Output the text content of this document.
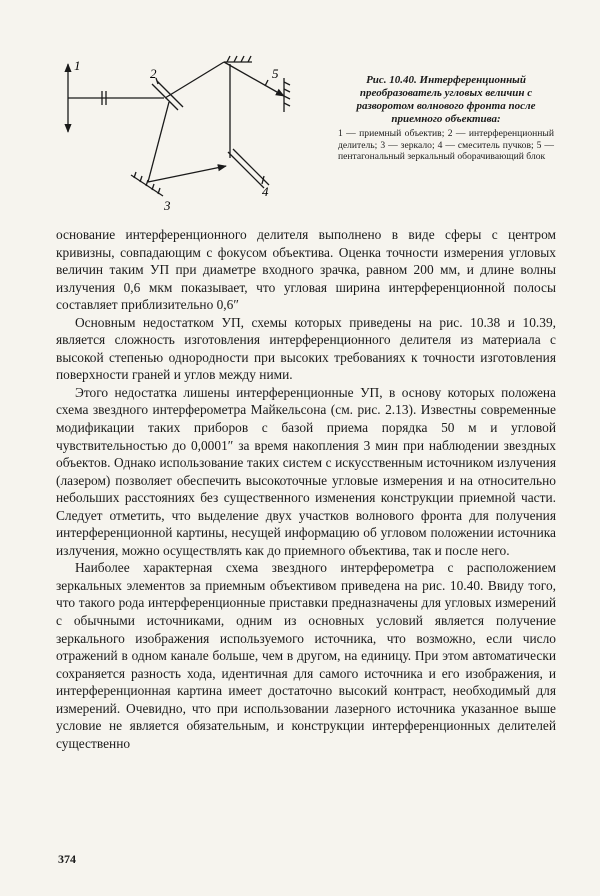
1
2
3
4
5	Рис. 10.40. Интерференционный преобразователь угловых величин с разворотом волнового фронта после приемного объектива:
1 — приемный объектив; 2 — интерференционный делитель; 3 — зеркало; 4 — смеситель пучков; 5 — пентагональный зеркальный оборачивающий блок

основание интерференционного делителя выполнено в виде сферы с центром кривизны, совпадающим с фокусом объектива. Оценка точности измерения угловых величин таким УП при диаметре входного зрачка, равном 200 мм, и длине волны излучения 0,6 мкм показывает, что угловая ширина интерференционной полосы составляет приблизительно 0,6″

Основным недостатком УП, схемы которых приведены на рис. 10.38 и 10.39, является сложность изготовления интерференционного делителя из материала с высокой степенью однородности при высоких требованиях к точности изготовления поверхности граней и углов между ними.

Этого недостатка лишены интерференционные УП, в основу которых положена схема звездного интерферометра Майкельсона (см. рис. 2.13). Известны современные модификации таких приборов с базой приема порядка 50 м и угловой чувствительностью до 0,0001″ за время накопления 3 мин при наблюдении звездных объектов. Однако использование таких систем с искусственным источником излучения (лазером) позволяет обеспечить высокоточные угловые измерения и на относительно небольших расстояниях без существенного изменения конструкции приемной части. Следует отметить, что выделение двух участков волнового фронта для получения интерференционной картины, несущей информацию об угловом положении источника излучения, можно осуществлять как до приемного объектива, так и после него.

Наиболее характерная схема звездного интерферометра с расположением зеркальных элементов за приемным объективом приведена на рис. 10.40. Ввиду того, что такого рода интерференционные приставки предназначены для угловых измерений с обычными источниками, одним из основных условий является получение зеркального изображения используемого источника, что возможно, если число отражений в одном канале больше, чем в другом, на единицу. При этом автоматически сохраняется разность хода, идентичная для самого источника и его изображения, и интерференционная картина имеет достаточно высокий контраст, необходимый для измерений. Очевидно, что при использовании лазерного источника указанное выше условие не является обязательным, и конструкции интерференционных делителей существенно

374
